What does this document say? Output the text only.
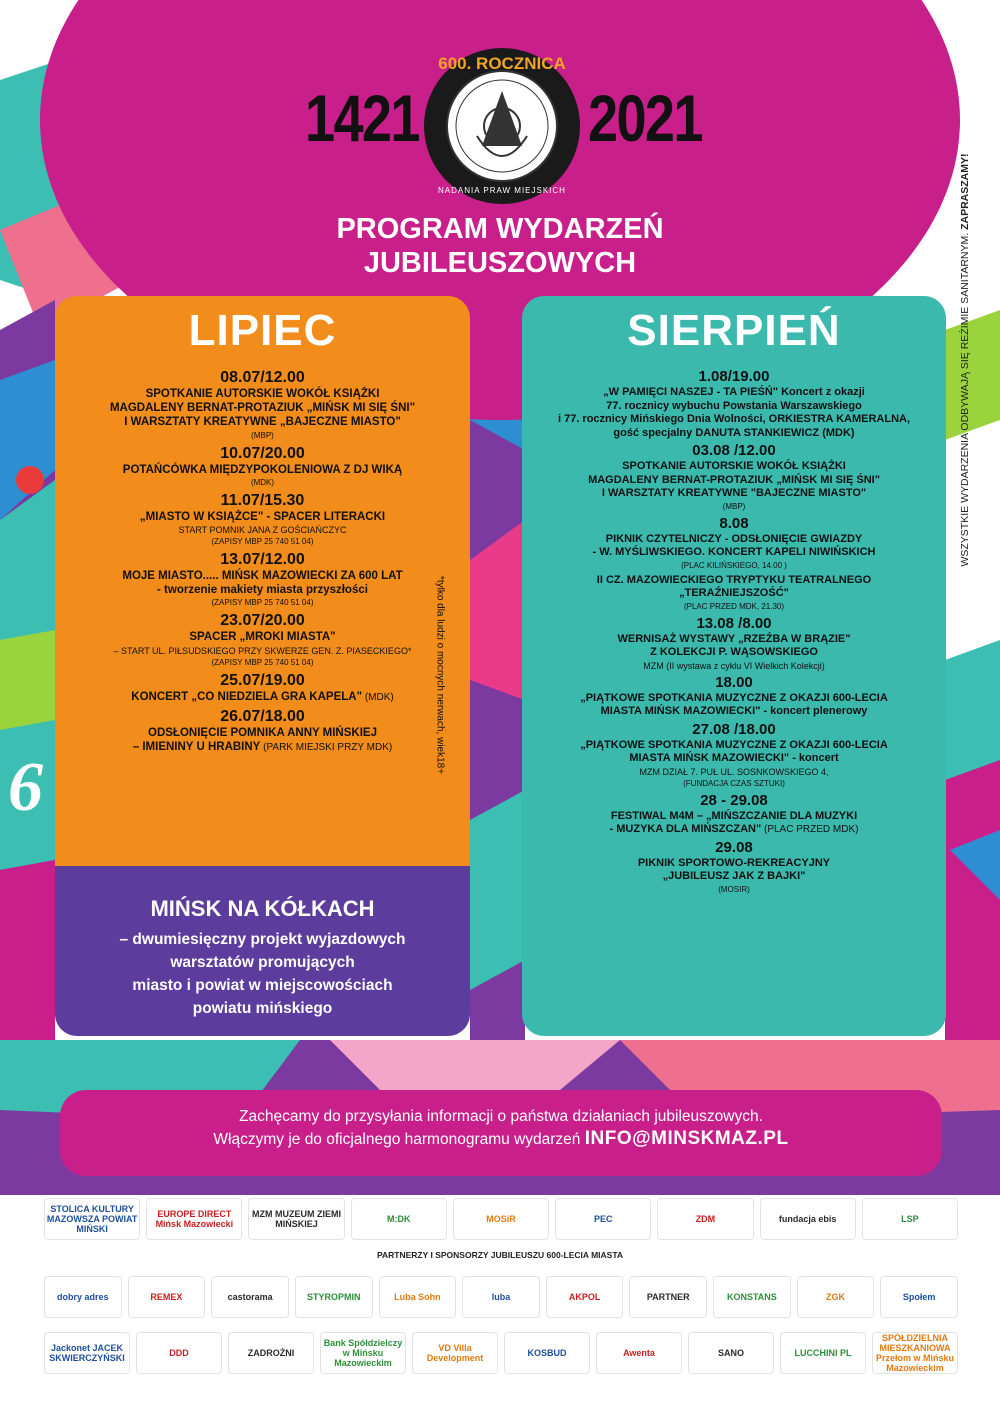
6
1421	2021
600. ROCZNICA
NADANIA PRAW MIEJSKICH
PROGRAM WYDARZEŃ
JUBILEUSZOWYCH	WSZYSTKIE WYDARZENIA ODBYWAJĄ SIĘ REŻIMIE SANITARNYM. ZAPRASZAMY!
LIPIEC
08.07/12.00
SPOTKANIE AUTORSKIE WOKÓŁ KSIĄŻKI
MAGDALENY BERNAT-PROTAZIUK „MIŃSK MI SIĘ ŚNI"
I WARSZTATY KREATYWNE „BAJECZNE MIASTO"
(MBP)
10.07/20.00
POTAŃCÓWKA MIĘDZYPOKOLENIOWA Z DJ WIKĄ
(MDK)
11.07/15.30
„MIASTO W KSIĄŻCE" - SPACER LITERACKI
START POMNIK JANA Z GOŚCIAŃCZYC
(ZAPISY MBP 25 740 51 04)
13.07/12.00
MOJE MIASTO..... MIŃSK MAZOWIECKI ZA 600 LAT
- tworzenie makiety miasta przyszłości
(ZAPISY MBP 25 740 51 04)
23.07/20.00
SPACER „MROKI MIASTA"
– START UL. PIŁSUDSKIEGO PRZY SKWERZE GEN. Z. PIASECKIEGO*
(ZAPISY MBP 25 740 51 04)
25.07/19.00
KONCERT „CO NIEDZIELA GRA KAPELA" (MDK)
26.07/18.00
ODSŁONIĘCIE POMNIKA ANNY MIŃSKIEJ
– IMIENINY U HRABINY (PARK MIEJSKI PRZY MDK)	*tylko dla ludzi o mocnych nerwach, wiek18+
MIŃSK NA KÓŁKACH
– dwumiesięczny projekt wyjazdowych
warsztatów promujących
miasto i powiat w miejscowościach
powiatu mińskiego
SIERPIEŃ
1.08/19.00
„W PAMIĘCI NASZEJ - TA PIEŚŃ" Koncert z okazji
77. rocznicy wybuchu Powstania Warszawskiego
i 77. rocznicy Mińskiego Dnia Wolności, ORKIESTRA KAMERALNA,
gość specjalny DANUTA STANKIEWICZ (MDK)
03.08 /12.00
SPOTKANIE AUTORSKIE WOKÓŁ KSIĄŻKI
MAGDALENY BERNAT-PROTAZIUK „MIŃSK MI SIĘ ŚNI"
I WARSZTATY KREATYWNE "BAJECZNE MIASTO"
(MBP)
8.08
PIKNIK CZYTELNICZY - ODSŁONIĘCIE GWIAZDY
- W. MYŚLIWSKIEGO. KONCERT KAPELI NIWIŃSKICH
(PLAC KILIŃSKIEGO, 14.00 )
II CZ. MAZOWIECKIEGO TRYPTYKU TEATRALNEGO
„TERAŹNIEJSZOŚĆ"
(PLAC PRZED MDK, 21.30)
13.08 /8.00
WERNISAŻ WYSTAWY „RZEŹBA W BRĄZIE"
Z KOLEKCJI P. WĄSOWSKIEGO
MZM (II wystawa z cyklu VI Wielkich Kolekcji)
18.00
„PIĄTKOWE SPOTKANIA MUZYCZNE Z OKAZJI 600-LECIA
MIASTA MIŃSK MAZOWIECKI" - koncert plenerowy
27.08 /18.00
„PIĄTKOWE SPOTKANIA MUZYCZNE Z OKAZJI 600-LECIA
MIASTA MIŃSK MAZOWIECKI" - koncert
MZM DZIAŁ 7. PUŁ UL. SOSNKOWSKIEGO 4,
(FUNDACJA CZAS SZTUKI)
28 - 29.08
FESTIWAL M4M – „MIŃSZCZANIE DLA MUZYKI
- MUZYKA DLA MIŃSZCZAN" (PLAC PRZED MDK)
29.08
PIKNIK SPORTOWO-REKREACYJNY
„JUBILEUSZ JAK Z BAJKI"
(MOSIR)
Zachęcamy do przysyłania informacji o państwa działaniach jubileuszowych.
Włączymy je do oficjalnego harmonogramu wydarzeń INFO@MINSKMAZ.PL
STOLICA KULTURY MAZOWSZA POWIAT MIŃSKI
EUROPE DIRECT Mińsk Mazowiecki
MZM MUZEUM ZIEMI MIŃSKIEJ	M:DK	MOSiR	PEC	ZDM	fundacja ebis	LSP
PARTNERZY I SPONSORZY JUBILEUSZU 600-LECIA MIASTA
dobry adres	REMEX	castorama	STYROPMIN	Luba Sohn	luba	AKPOL	PARTNER	KONSTANS	ZGK	Społem
Jackonet JACEK SKWIERCZYŃSKI	DDD	ZADROŻNI
Bank Spółdzielczy w Mińsku Mazowieckim
VD Villa Development	KOSBUD	Awenta	SANO	LUCCHINI PL
SPÓŁDZIELNIA MIESZKANIOWA Przełom w Mińsku Mazowieckim
